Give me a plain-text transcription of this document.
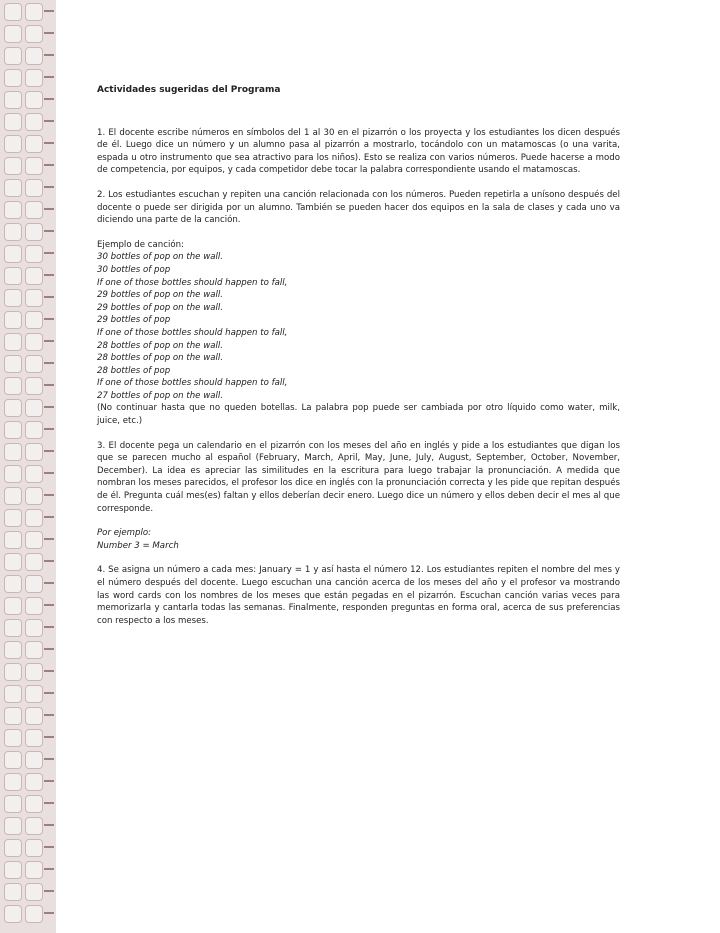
Actividades sugeridas del Programa

1. El docente escribe números en símbolos del 1 al 30 en el pizarrón o los proyecta y los estudiantes los dicen después de él. Luego dice un número y un alumno pasa al pizarrón a mostrarlo, tocándolo con un matamoscas (o una varita, espada u otro instrumento que sea atractivo para los niños). Esto se realiza con varios números. Puede hacerse a modo de competencia, por equipos, y cada competidor debe tocar la palabra correspondiente usando el matamoscas.

2. Los estudiantes escuchan y repiten una canción relacionada con los números. Pueden repetirla a unísono después del docente o puede ser dirigida por un alumno. También se pueden hacer dos equipos en la sala de clases y cada uno va diciendo una parte de la canción.

Ejemplo de canción:
30 bottles of pop on the wall.
30 bottles of pop
If one of those bottles should happen to fall,
29 bottles of pop on the wall.
29 bottles of pop on the wall.
29 bottles of pop
If one of those bottles should happen to fall,
28 bottles of pop on the wall.
28 bottles of pop on the wall.
28 bottles of pop
If one of those bottles should happen to fall,
27 bottles of pop on the wall.
(No continuar hasta que no queden botellas. La palabra pop puede ser cambiada por otro líquido como water, milk, juice, etc.)

3. El docente pega un calendario en el pizarrón con los meses del año en inglés y pide a los estudiantes que digan los que se parecen mucho al español (February, March, April, May, June, July, August, September, October, November, December). La idea es apreciar las similitudes en la escritura para luego trabajar la pronunciación. A medida que nombran los meses parecidos, el profesor los dice en inglés con la pronunciación correcta y les pide que repitan después de él. Pregunta cuál mes(es) faltan y ellos deberían decir enero. Luego dice un número y ellos deben decir el mes al que corresponde.

Por ejemplo:
Number 3 = March

4. Se asigna un número a cada mes: January = 1 y así hasta el número 12. Los estudiantes repiten el nombre del mes y el número después del docente. Luego escuchan una canción acerca de los meses del año y el profesor va mostrando las word cards con los nombres de los meses que están pegadas en el pizarrón. Escuchan canción varias veces para memorizarla y cantarla todas las semanas. Finalmente, responden preguntas en forma oral, acerca de sus preferencias con respecto a los meses.
